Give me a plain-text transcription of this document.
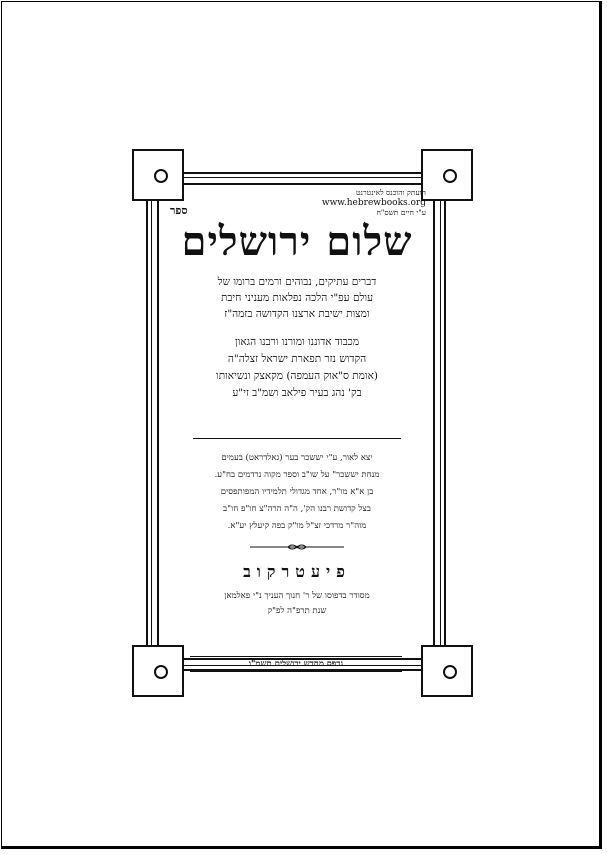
הועתק והוכנס לאינטרנט
www.hebrewbooks.org
ע"י חיים תשס"ח
ספר
שלום ירושלים
דברים עתיקים, נבוהים ורמים ברומו של
עולם עפ"י הלכה נפלאות מעניני חיבת
ומצות ישיבת ארצנו הקדושה בזמה"ז
מכבוד אדוננו ומורנו ורבנו הגאון
הקדוש נזר תפארת ישראל זצלה"ה
(אומת ס"אוק העמפה) מקאצק ונשיאותו
בק' נהג בעיר פילאב ושמ"ב זי"ע
יצא לאור, ע"י יששכר בער (גאלדראט) בעמים
מנחת יששכר" על שו"ב וספר מקוה נרדמים בח"ע.
בן א"א מו"ר, אחד מגדולי תלמידיו המפותפסים
בצל קדושת רבנו הק', ה"ה הרה"צ חו"פ חו"ב
מוה"ר מרדכי זצ"ל מו"ק בפה קיעלץ יע"א.
פיעטרקוב
מסודר בדפוסו של ר' חנוך העניך נ"י פאלמאן
שנת תרפ"ה לפ"ק
נדפס מחדש ירושלים תשמ"ו
